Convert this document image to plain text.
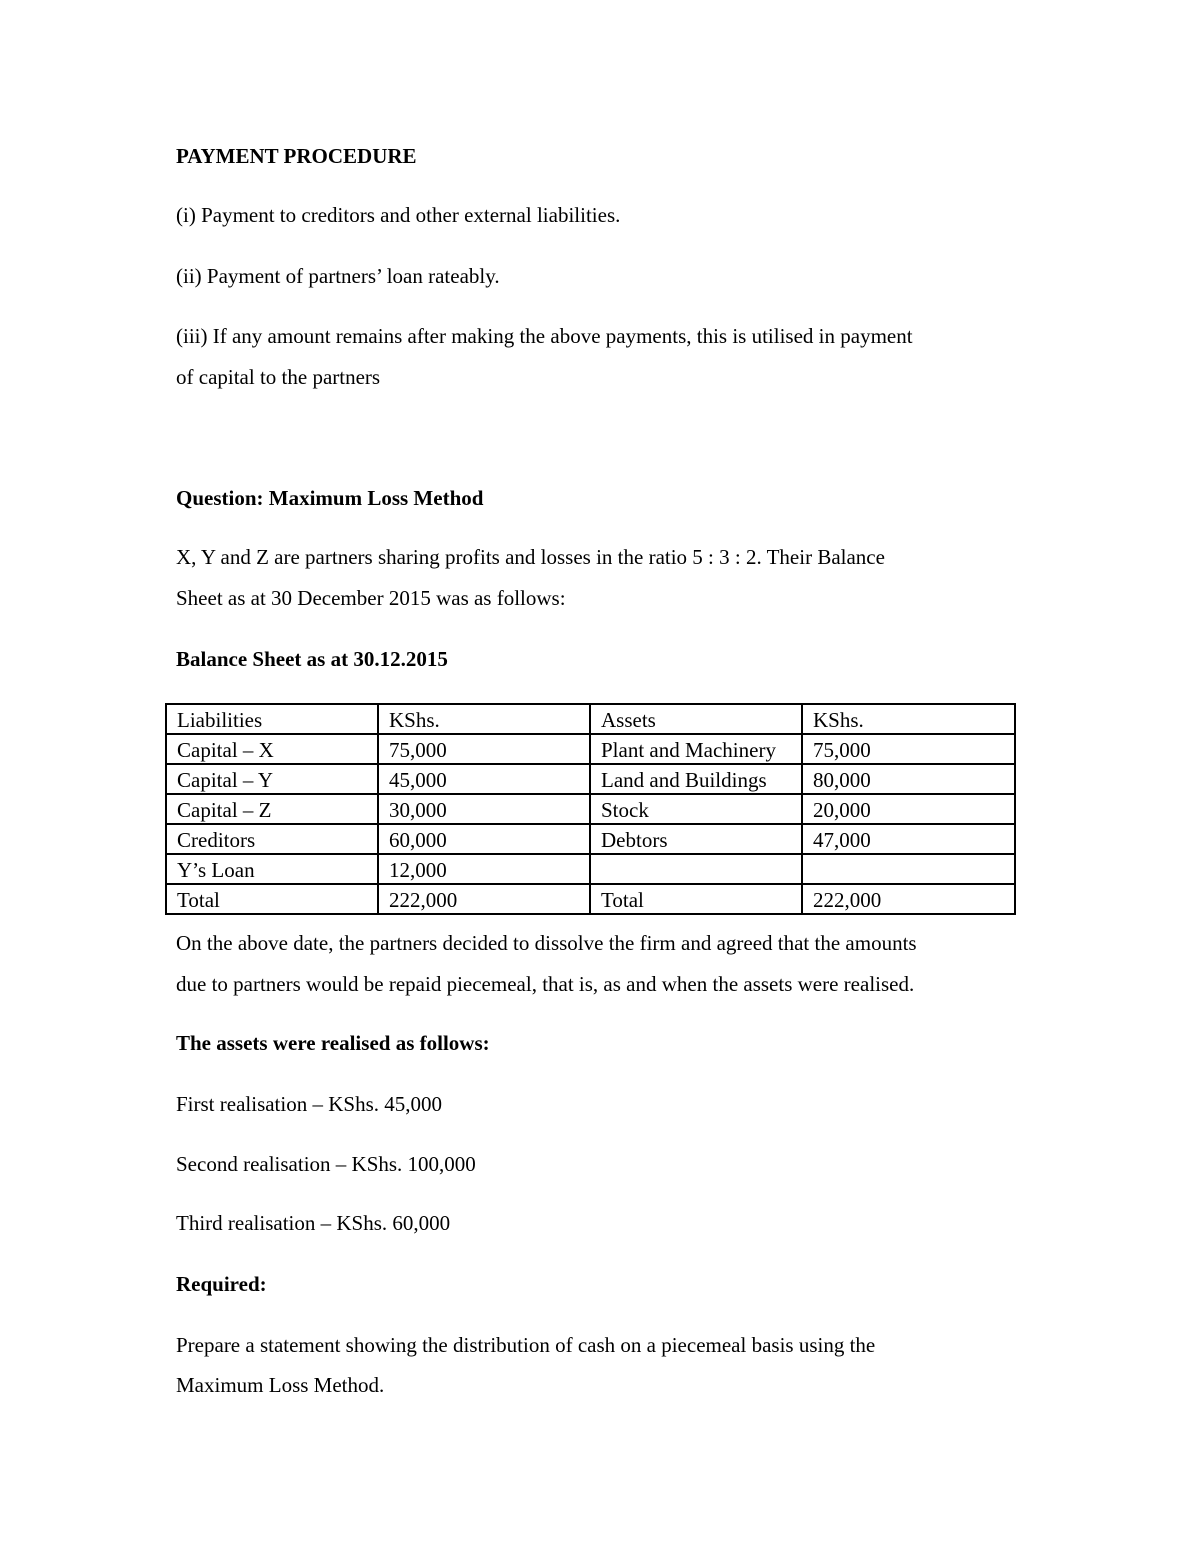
PAYMENT PROCEDURE
(i) Payment to creditors and other external liabilities.
(ii) Payment of partners’ loan rateably.
(iii) If any amount remains after making the above payments, this is utilised in payment
of capital to the partners
Question: Maximum Loss Method
X, Y and Z are partners sharing profits and losses in the ratio 5 : 3 : 2. Their Balance
Sheet as at 30 December 2015 was as follows:
Balance Sheet as at 30.12.2015
Liabilities	KShs.	Assets	KShs.
Capital – X	75,000	Plant and Machinery	75,000
Capital – Y	45,000	Land and Buildings	80,000
Capital – Z	30,000	Stock	20,000
Creditors	60,000	Debtors	47,000
Y’s Loan	12,000		
Total	222,000	Total	222,000
On the above date, the partners decided to dissolve the firm and agreed that the amounts
due to partners would be repaid piecemeal, that is, as and when the assets were realised.
The assets were realised as follows:
First realisation – KShs. 45,000
Second realisation – KShs. 100,000
Third realisation – KShs. 60,000
Required:
Prepare a statement showing the distribution of cash on a piecemeal basis using the
Maximum Loss Method.
